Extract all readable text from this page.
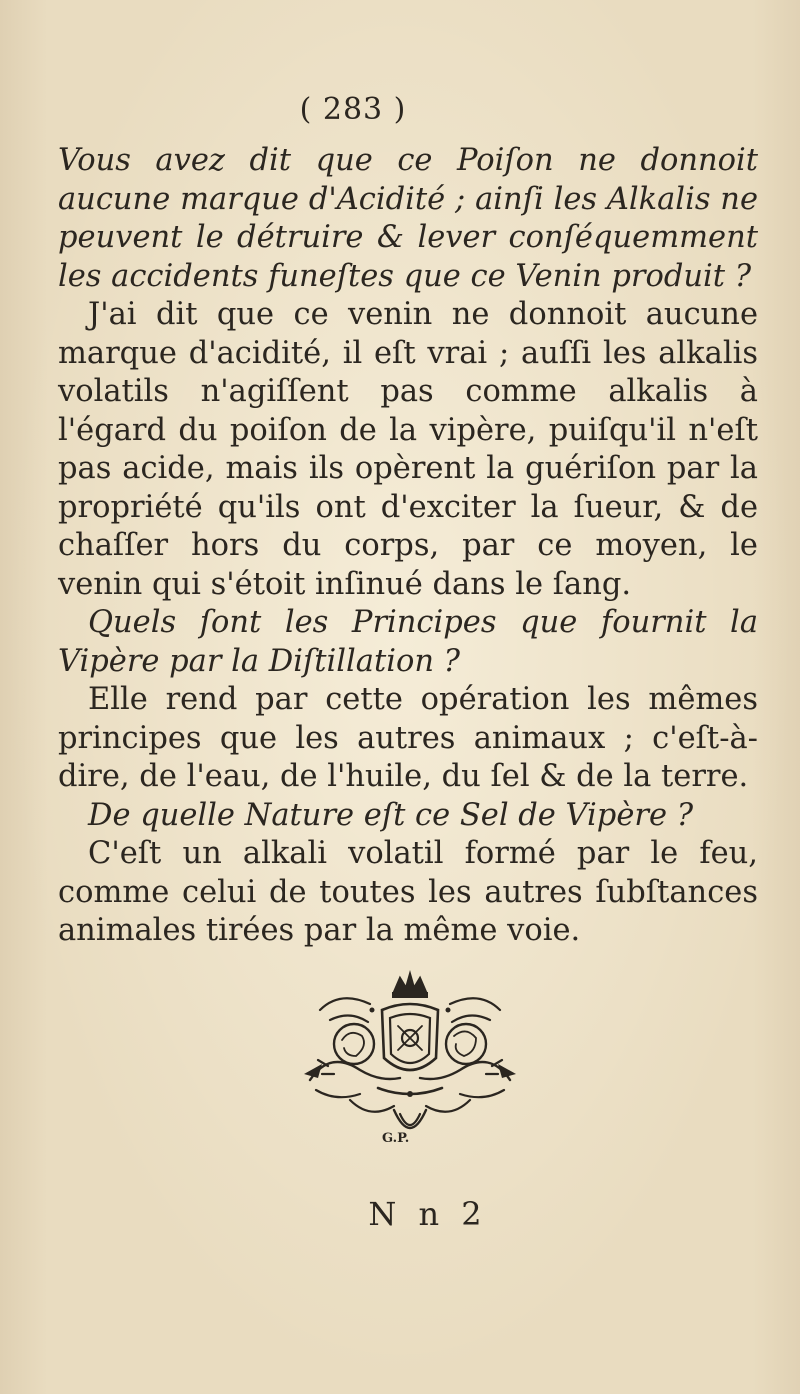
( 283 )

Vous avez dit que ce Poiſon ne donnoit aucune marque d'Acidité ; ainſi les Alkalis ne peuvent le détruire & lever conſéquemment les accidents funeſtes que ce Venin produit ?

J'ai dit que ce venin ne donnoit aucune marque d'acidité, il eſt vrai ; auſſi les alkalis volatils n'agiſſent pas comme alkalis à l'égard du poiſon de la vipère, puiſqu'il n'eſt pas acide, mais ils opèrent la guériſon par la propriété qu'ils ont d'exciter la ſueur, & de chaſſer hors du corps, par ce moyen, le venin qui s'étoit inſinué dans le ſang.

Quels ſont les Principes que fournit la Vipère par la Diſtillation ?

Elle rend par cette opération les mêmes principes que les autres animaux ; c'eſt-à-dire, de l'eau, de l'huile, du ſel & de la terre.

De quelle Nature eſt ce Sel de Vipère ?

C'eſt un alkali volatil formé par le feu, comme celui de toutes les autres ſubſtances animales tirées par la même voie.

G.P.
N n 2
